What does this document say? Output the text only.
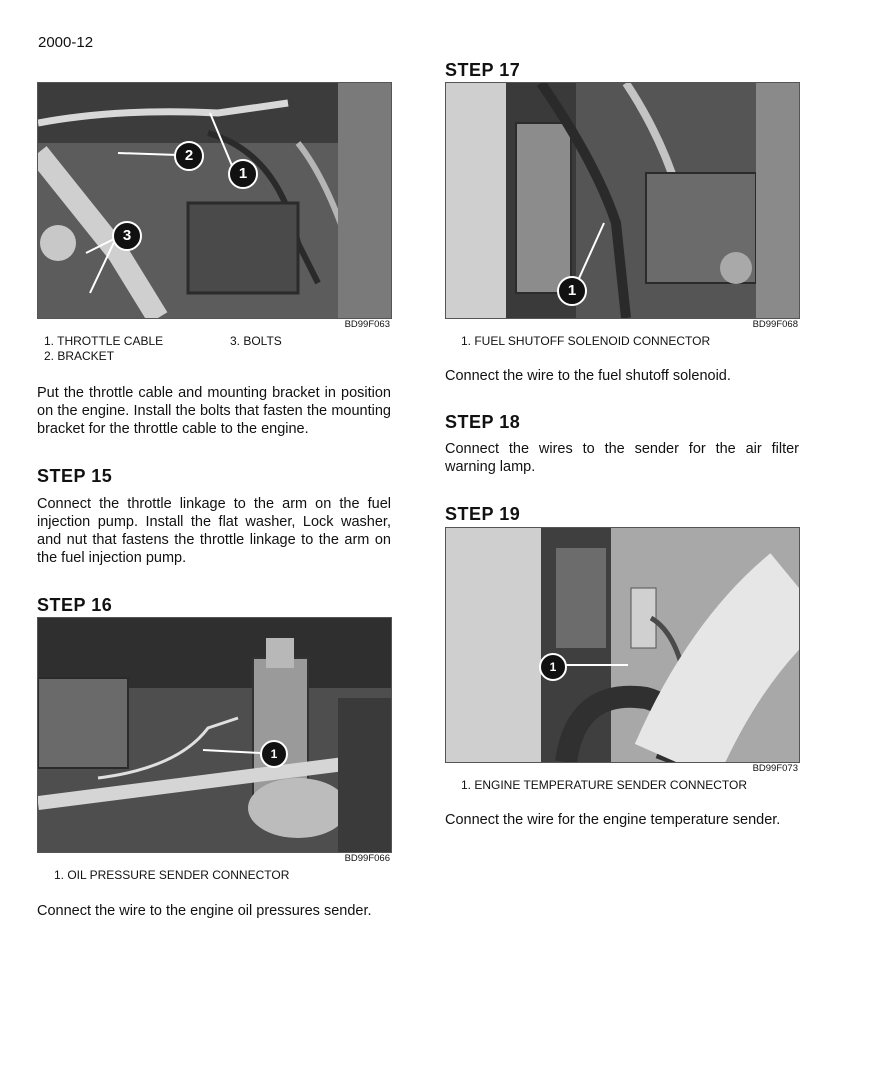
2000-12
1
2
3
BD99F063
1. THROTTLE CABLE
2. BRACKET
3. BOLTS
Put the throttle cable and mounting bracket in position on the engine. Install the bolts that fasten the mounting bracket for the throttle cable to the engine.
STEP 15
Connect the throttle linkage to the arm on the fuel injection pump. Install the flat washer, Lock washer, and nut that fastens the throttle linkage to the arm on the fuel injection pump.
STEP 16
1
BD99F066
1. OIL PRESSURE SENDER CONNECTOR
Connect the wire to the engine oil pressures sender.
STEP 17
1
BD99F068
1. FUEL SHUTOFF SOLENOID CONNECTOR
Connect the wire to the fuel shutoff solenoid.
STEP 18
Connect the wires to the sender for the air filter warning lamp.
STEP 19
1
BD99F073
1. ENGINE TEMPERATURE SENDER CONNECTOR
Connect the wire for the engine temperature sender.
